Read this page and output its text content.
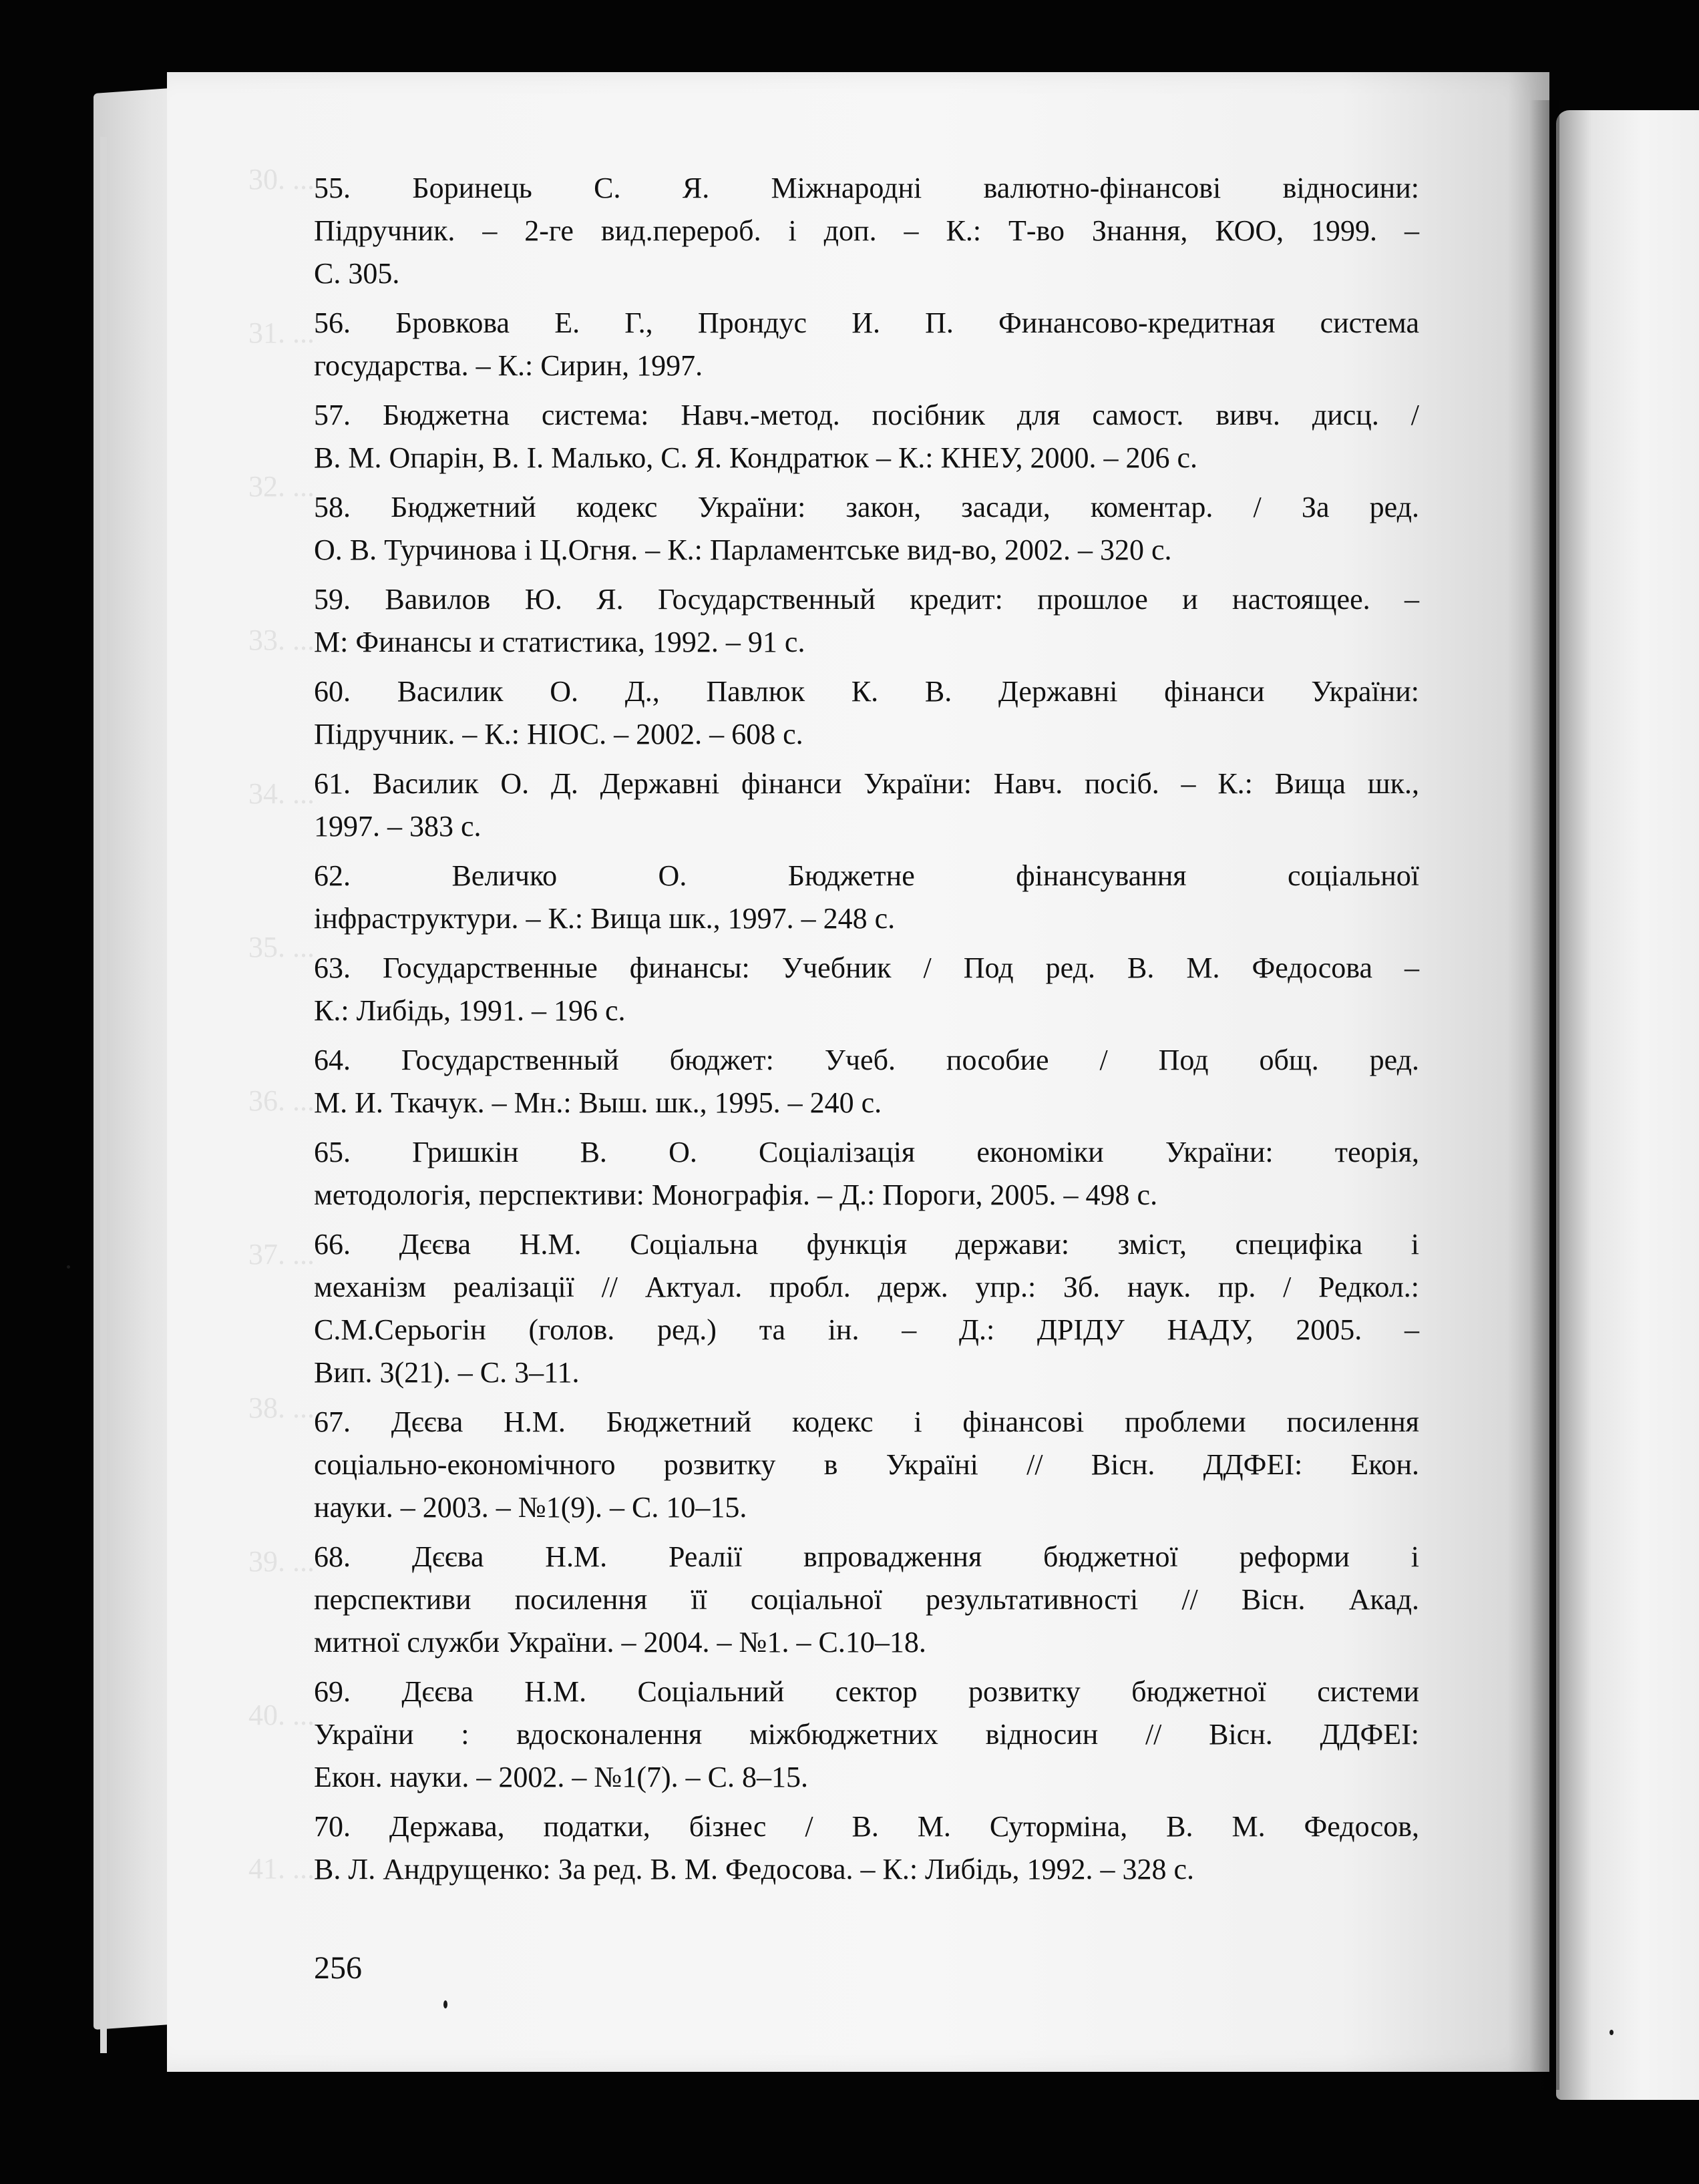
30. ...
31. ...
32. ...
33. ...
34. ...
35. ...
36. ...
37. ...
38. ...
39. ...
40. ...
41. ...
55. Боринець С. Я. Міжнародні валютно-фінансові відносини:
Підручник. – 2-ге вид.перероб. і доп. – К.: Т-во Знання, КОО, 1999. –
С. 305.
56. Бровкова Е. Г., Прондус И. П. Финансово-кредитная система
государства. – К.: Сирин, 1997.
57. Бюджетна система: Навч.-метод. посібник для самост. вивч. дисц. /
В. М. Опарін, В. І. Малько, С. Я. Кондратюк – К.: КНЕУ, 2000. – 206 с.
58. Бюджетний кодекс України: закон, засади, коментар. / За ред.
О. В. Турчинова і Ц.Огня. – К.: Парламентське вид-во, 2002. – 320 с.
59. Вавилов Ю. Я. Государственный кредит: прошлое и настоящее. –
М: Финансы и статистика, 1992. – 91 с.
60. Василик О. Д., Павлюк К. В. Державні фінанси України:
Підручник. – К.: НІОС. – 2002. – 608 с.
61. Василик О. Д. Державні фінанси України: Навч. посіб. – К.: Вища шк.,
1997. – 383 с.
62. Величко О. Бюджетне фінансування соціальної
інфраструктури. – К.: Вища шк., 1997. – 248 с.
63. Государственные финансы: Учебник / Под ред. В. М. Федосова –
К.: Либідь, 1991. – 196 с.
64. Государственный бюджет: Учеб. пособие / Под общ. ред.
М. И. Ткачук. – Мн.: Выш. шк., 1995. – 240 с.
65. Гришкін В. О. Соціалізація економіки України: теорія,
методологія, перспективи: Монографія. – Д.: Пороги, 2005. – 498 с.
66. Дєєва Н.М. Соціальна функція держави: зміст, специфіка і
механізм реалізації // Актуал. пробл. держ. упр.: Зб. наук. пр. / Редкол.:
С.М.Серьогін (голов. ред.) та ін. – Д.: ДРІДУ НАДУ, 2005. –
Вип. 3(21). – С. 3–11.
67. Дєєва Н.М. Бюджетний кодекс і фінансові проблеми посилення
соціально-економічного розвитку в Україні // Вісн. ДДФЕІ: Екон.
науки. – 2003. – №1(9). – С. 10–15.
68. Дєєва Н.М. Реалії впровадження бюджетної реформи і
перспективи посилення її соціальної результативності // Вісн. Акад.
митної служби України. – 2004. – №1. – С.10–18.
69. Дєєва Н.М. Соціальний сектор розвитку бюджетної системи
України : вдосконалення міжбюджетних відносин // Вісн. ДДФЕІ:
Екон. науки. – 2002. – №1(7). – С. 8–15.
70. Держава, податки, бізнес / В. М. Суторміна, В. М. Федосов,
В. Л. Андрущенко: За ред. В. М. Федосова. – К.: Либідь, 1992. – 328 с.
256
